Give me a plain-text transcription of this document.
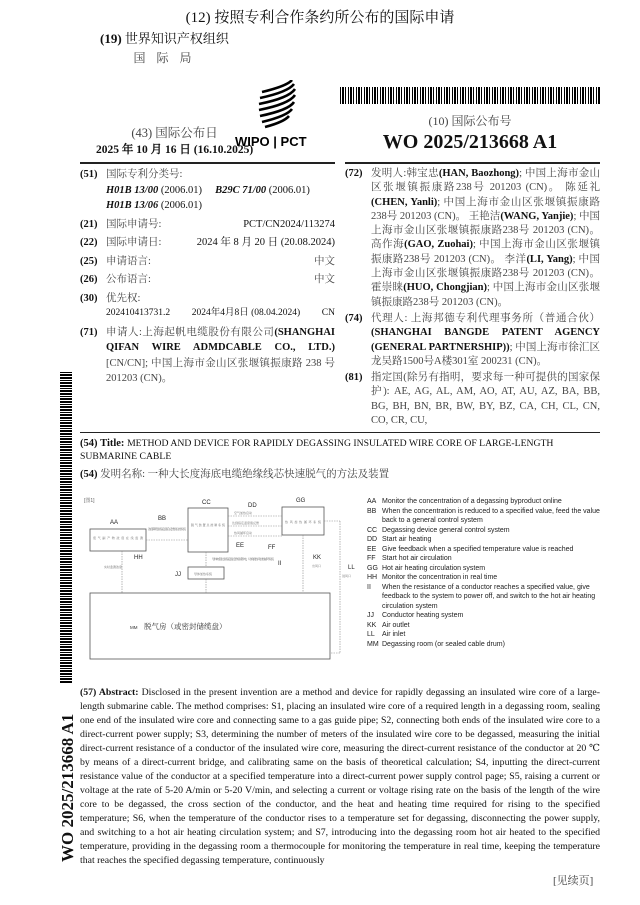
(12) 按照专利合作条约所公布的国际申请
(19) 世界知识产权组织
国 际 局
(43) 国际公布日
2025 年 10 月 16 日 (16.10.2025)
WIPO | PCT
(10) 国际公布号
WO 2025/213668 A1
(51) 国际专利分类号:
H01B 13/00 (2006.01) B29C 71/00 (2006.01)
H01B 13/06 (2006.01)
(21) 国际申请号:	PCT/CN2024/113274
(22) 国际申请日:	2024 年 8 月 20 日 (20.08.2024)
(25) 申请语言:	中文
(26) 公布语言:	中文
(30) 优先权:
202410413731.2 2024年4月8日 (08.04.2024) CN
(71) 申请人:上海起帆电缆股份有限公司(SHANGHAI QIFAN WIRE ADMDCABLE CO., LTD.) [CN/CN]; 中国上海市金山区张堰镇振康路 238 号 201203 (CN)。
(72) 发明人:韩宝忠(HAN, Baozhong); 中国上海市金山区张堰镇振康路238号 201203 (CN)。 陈延礼(CHEN, Yanli); 中国上海市金山区张堰镇振康路238号 201203 (CN)。 王艳洁(WANG, Yanjie); 中国上海市金山区张堰镇振康路238号 201203 (CN)。 高作海(GAO, Zuohai); 中国上海市金山区张堰镇振康路238号 201203 (CN)。 李洋(LI, Yang); 中国上海市金山区张堰镇振康路238号 201203 (CN)。 霍崇睐(HUO, Chongjian); 中国上海市金山区张堰镇振康路238号 201203 (CN)。
(74) 代理人: 上海邦德专利代理事务所（普通合伙）(SHANGHAI BANGDE PATENT AGENCY (GENERAL PARTNERSHIP)); 中国上海市徐汇区龙吴路1500号A楼301室 200231 (CN)。
(81) 指定国(除另有指明，要求每一种可提供的国家保护): AE, AG, AL, AM, AO, AT, AU, AZ, BA, BB, BG, BH, BN, BR, BW, BY, BZ, CA, CH, CL, CN, CO, CR, CU,
(54) Title: METHOD AND DEVICE FOR RAPIDLY DEGASSING INSULATED WIRE CORE OF LARGE-LENGTH SUBMARINE CABLE
(54) 发明名称: 一种大长度海底电缆绝缘线芯快速脱气的方法及装置
[图1]
AA
BB
CC	DD
EE	FF
GG
HH
II
JJ
KK
LL
废气副产物浓度在线监测
浓度降低到指定值后反馈到总控系统
脱气装置总控制系统
空气加热启动
达到指定温度值反馈
热风循环启动
热风加热循环系统
实时监测浓度
导体电阻达到指定值反馈系统断电，切换到热风加热循环系统
导体加热系统
出风口
进风口
MM 脱气房（或密封储缆盘）
AA Monitor the concentration of a degassing byproduct online
BB When the concentration is reduced to a specified value, feed the value back to a general control system
CC Degassing device general control system
DD Start air heating
EE Give feedback when a specified temperature value is reached
FF Start hot air circulation
GG Hot air heating circulation system
HH Monitor the concentration in real time
II	When the resistance of a conductor reaches a specified value, give feedback to the system to power off, and switch to the hot air heating circulation system
JJ	Conductor heating system
KK Air outlet
LL	Air inlet
MM Degassing room (or sealed cable drum)
(57) Abstract: Disclosed in the present invention are a method and device for rapidly degassing an insulated wire core of a large-length submarine cable. The method comprises: S1, placing an insulated wire core of a required length in a degassing room, sealing one end of the insulated wire core and connecting same to a gas guide pipe; S2, connecting both ends of the insulated wire core to a direct-current power supply; S3, determining the number of meters of the insulated wire core to be degassed, measuring the initial direct-current resistance of a conductor of the insulated wire core, measuring the direct-current resistance of the conductor at 20 ℃ by means of a direct-current bridge, and calibrating same on the basis of theoretical calculation; S4, inputting the direct-current resistance value of the conductor at a specified temperature into a direct-current power supply control page; S5, raising a current or voltage at the rate of 5-20 A/min or 5-20 V/min, and selecting a current or voltage rising rate on the basis of the length of the wire core to be degassed, the cross section of the conductor, and the heat and heating time required for rising to the specified temperature; S6, when the temperature of the conductor rises to a temperature set for degassing, disconnecting the power supply, and switching to a hot air heating circulation system; and S7, introducing into the degassing room hot air heated to the specified temperature, providing in the degassing room a thermocouple for monitoring the temperature in real time, keeping the temperature that reaches the specified degassing temperature, continuously
[见续页]
WO 2025/213668 A1
